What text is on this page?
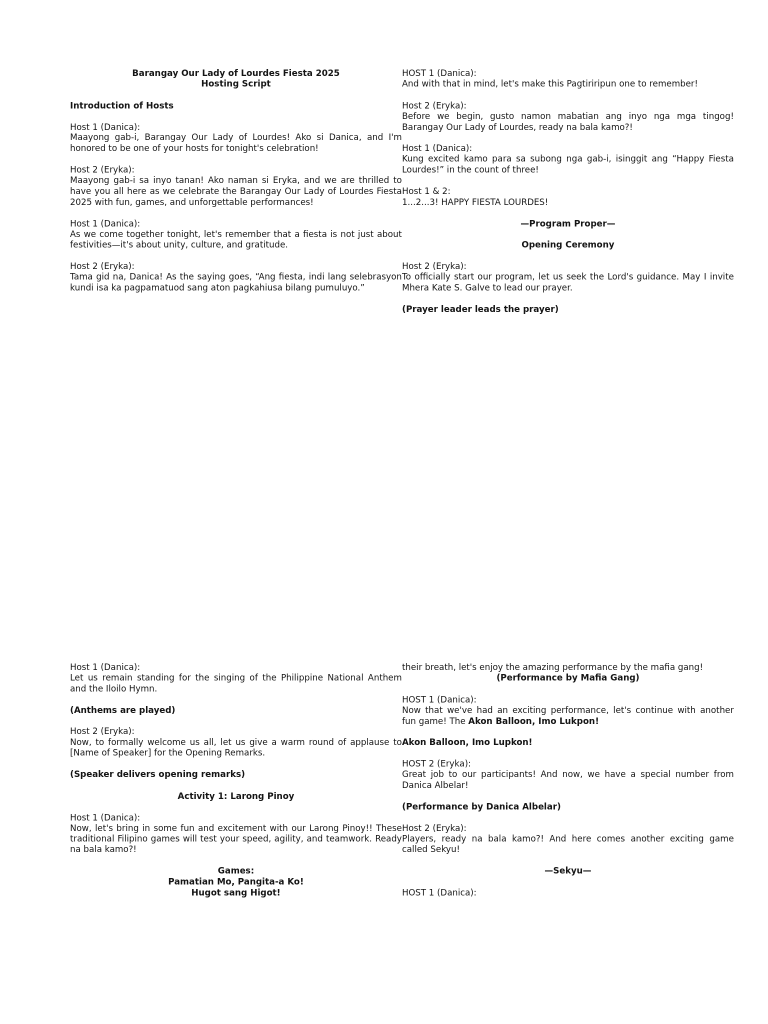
Barangay Our Lady of Lourdes Fiesta 2025
Hosting Script

Introduction of Hosts

Host 1 (Danica):
Maayong gab-i, Barangay Our Lady of Lourdes! Ako si Danica, and I'm honored to be one of your hosts for tonight's celebration!

Host 2 (Eryka):
Maayong gab-i sa inyo tanan! Ako naman si Eryka, and we are thrilled to have you all here as we celebrate the Barangay Our Lady of Lourdes Fiesta 2025 with fun, games, and unforgettable performances!

Host 1 (Danica):
As we come together tonight, let's remember that a fiesta is not just about festivities—it's about unity, culture, and gratitude.

Host 2 (Eryka):
Tama gid na, Danica! As the saying goes, “Ang fiesta, indi lang selebrasyon kundi isa ka pagpamatuod sang aton pagkahiusa bilang pumuluyo.”

HOST 1 (Danica):
And with that in mind, let's make this Pagtiriripun one to remember!

Host 2 (Eryka):
Before we begin, gusto namon mabatian ang inyo nga mga tingog! Barangay Our Lady of Lourdes, ready na bala kamo?!

Host 1 (Danica):
Kung excited kamo para sa subong nga gab-i, isinggit ang “Happy Fiesta Lourdes!” in the count of three!

Host 1 & 2:
1...2...3! HAPPY FIESTA LOURDES!

—Program Proper—

Opening Ceremony

Host 2 (Eryka):
To officially start our program, let us seek the Lord's guidance. May I invite Mhera Kate S. Galve to lead our prayer.

(Prayer leader leads the prayer)

Host 1 (Danica):
Let us remain standing for the singing of the Philippine National Anthem and the Iloilo Hymn.

(Anthems are played)

Host 2 (Eryka):
Now, to formally welcome us all, let us give a warm round of applause to [Name of Speaker] for the Opening Remarks.

(Speaker delivers opening remarks)

Activity 1: Larong Pinoy

Host 1 (Danica):
Now, let's bring in some fun and excitement with our Larong Pinoy!! These traditional Filipino games will test your speed, agility, and teamwork. Ready na bala kamo?!

Games:
Pamatian Mo, Pangita-a Ko!
Hugot sang Higot!

their breath, let's enjoy the amazing performance by the mafia gang!
(Performance by Mafia Gang)

HOST 1 (Danica):
Now that we've had an exciting performance, let's continue with another fun game! The Akon Balloon, Imo Lukpon!

Akon Balloon, Imo Lupkon!

HOST 2 (Eryka):
Great job to our participants! And now, we have a special number from Danica Albelar!

(Performance by Danica Albelar)

Host 2 (Eryka):
Players, ready na bala kamo?! And here comes another exciting game called Sekyu!

—Sekyu—

HOST 1 (Danica):
